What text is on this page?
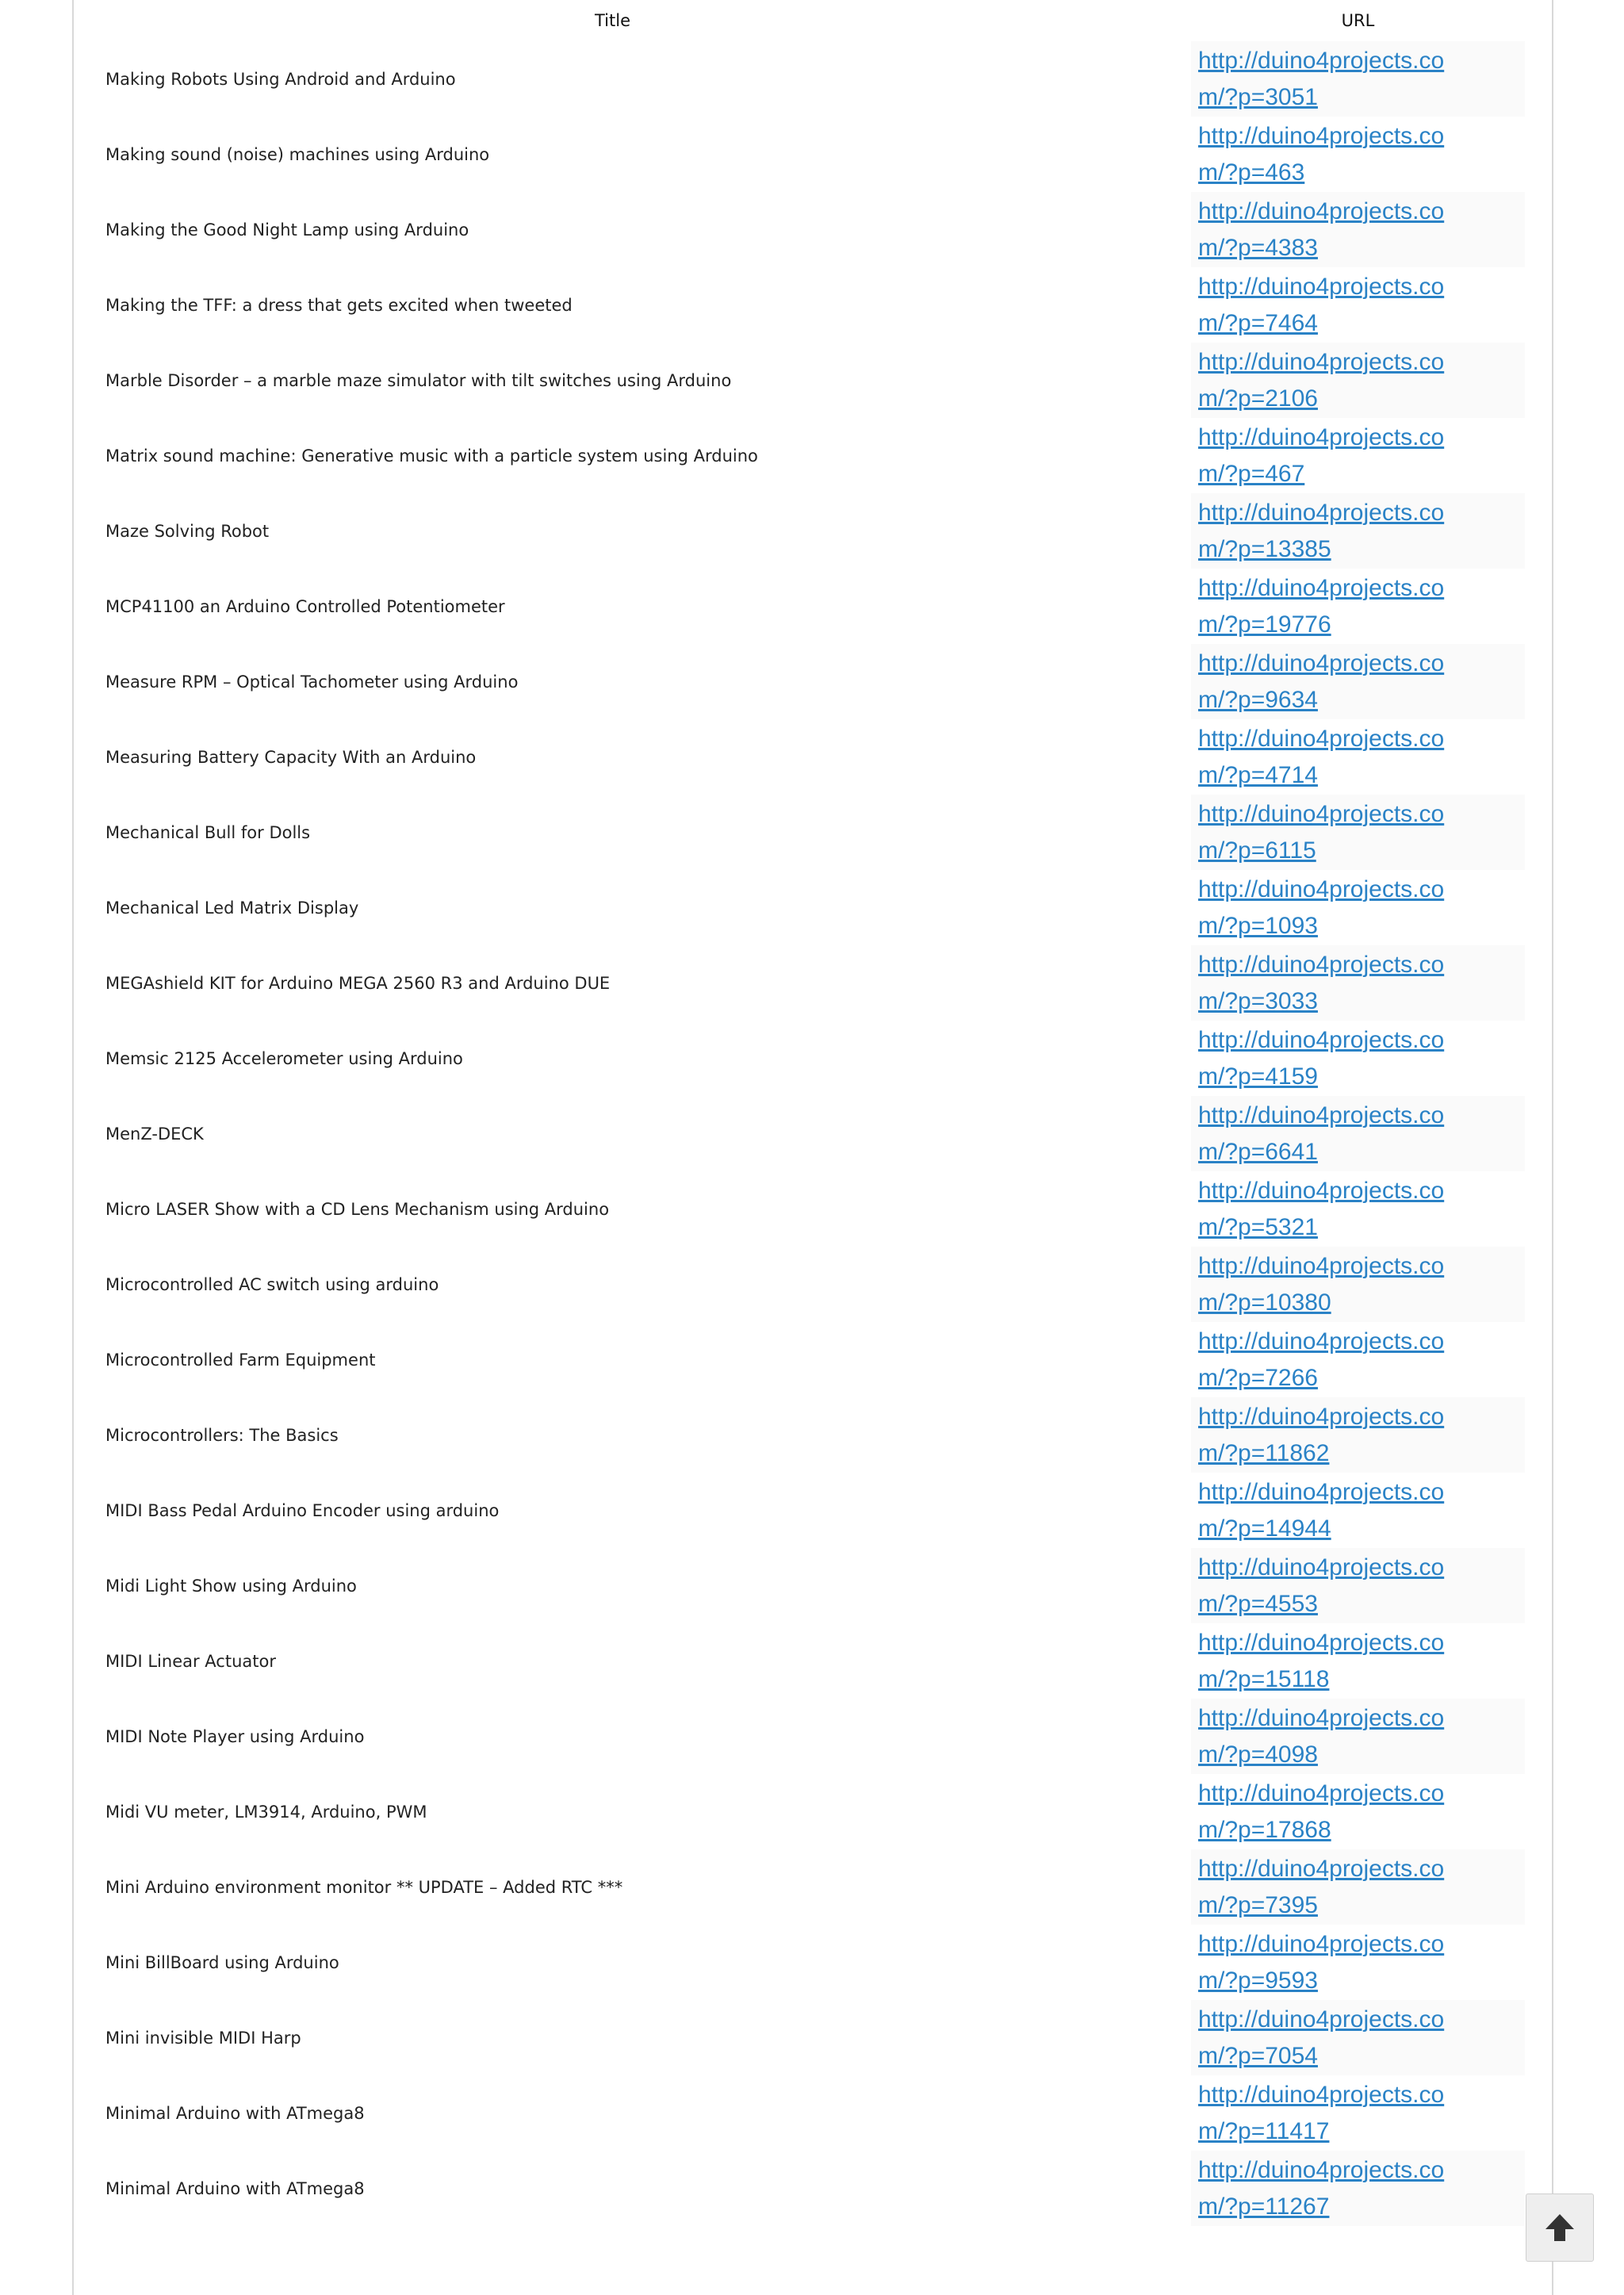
Title	URL
Making Robots Using Android and Arduino	http://duino4projects.com/?p=3051

Making sound (noise) machines using Arduino	http://duino4projects.com/?p=463

Making the Good Night Lamp using Arduino	http://duino4projects.com/?p=4383

Making the TFF: a dress that gets excited when tweeted	http://duino4projects.com/?p=7464

Marble Disorder – a marble maze simulator with tilt switches using Arduino	http://duino4projects.com/?p=2106

Matrix sound machine: Generative music with a particle system using Arduino	http://duino4projects.com/?p=467

Maze Solving Robot	http://duino4projects.com/?p=13385

MCP41100 an Arduino Controlled Potentiometer	http://duino4projects.com/?p=19776

Measure RPM – Optical Tachometer using Arduino	http://duino4projects.com/?p=9634

Measuring Battery Capacity With an Arduino	http://duino4projects.com/?p=4714

Mechanical Bull for Dolls	http://duino4projects.com/?p=6115

Mechanical Led Matrix Display	http://duino4projects.com/?p=1093

MEGAshield KIT for Arduino MEGA 2560 R3 and Arduino DUE	http://duino4projects.com/?p=3033

Memsic 2125 Accelerometer using Arduino	http://duino4projects.com/?p=4159

MenZ-DECK	http://duino4projects.com/?p=6641

Micro LASER Show with a CD Lens Mechanism using Arduino	http://duino4projects.com/?p=5321

Microcontrolled AC switch using arduino	http://duino4projects.com/?p=10380

Microcontrolled Farm Equipment	http://duino4projects.com/?p=7266

Microcontrollers: The Basics	http://duino4projects.com/?p=11862

MIDI Bass Pedal Arduino Encoder using arduino	http://duino4projects.com/?p=14944

Midi Light Show using Arduino	http://duino4projects.com/?p=4553

MIDI Linear Actuator	http://duino4projects.com/?p=15118

MIDI Note Player using Arduino	http://duino4projects.com/?p=4098

Midi VU meter, LM3914, Arduino, PWM	http://duino4projects.com/?p=17868

Mini Arduino environment monitor ** UPDATE – Added RTC ***	http://duino4projects.com/?p=7395

Mini BillBoard using Arduino	http://duino4projects.com/?p=9593

Mini invisible MIDI Harp	http://duino4projects.com/?p=7054

Minimal Arduino with ATmega8	http://duino4projects.com/?p=11417

Minimal Arduino with ATmega8	http://duino4projects.com/?p=11267
